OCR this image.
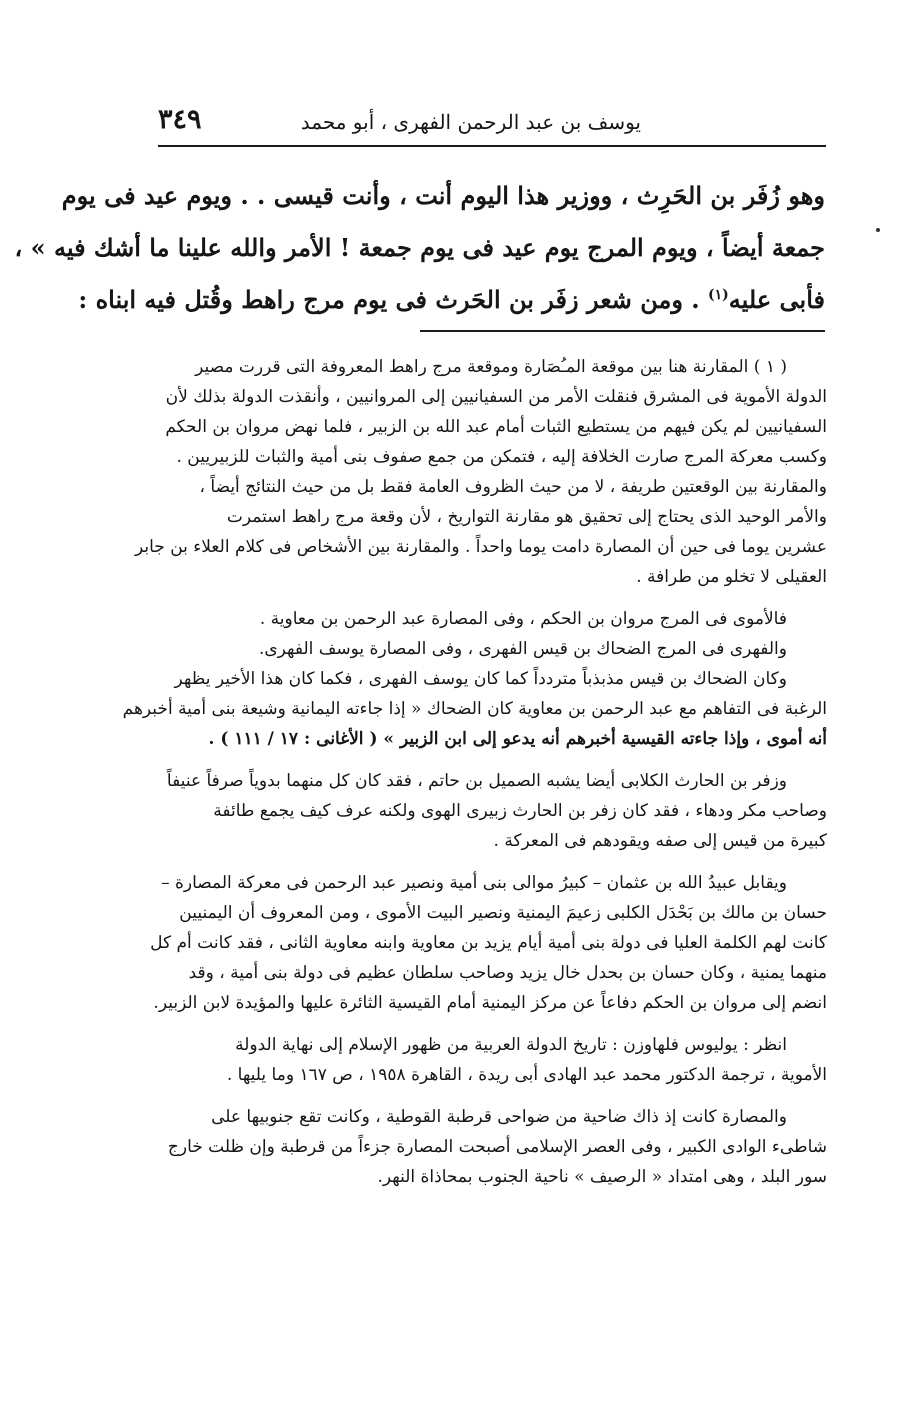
يوسف بن عبد الرحمن الفهرى ، أبو محمد
٣٤٩
وهو زُفَر بن الحَرِث ، ووزير هذا اليوم أنت ، وأنت قيسى . . ويوم عيد فى يوم
جمعة أيضاً ، ويوم المرج يوم عيد فى يوم جمعة ! الأمر والله علينا ما أشك فيه » ،
فأبى عليه$^{(١)}$ . ومن شعر زفَر بن الحَرث فى يوم مرج راهط وقُتل فيه ابناه :
( ١ ) المقارنة هنا بين موقعة المـُصَارة وموقعة مرج راهط المعروفة التى قررت مصير
الدولة الأموية فى المشرق فنقلت الأمر من السفيانيين إلى المروانيين ، وأنقذت الدولة بذلك لأن
السفيانيين لم يكن فيهم من يستطيع الثبات أمام عبد الله بن الزبير ، فلما نهض مروان بن الحكم
وكسب معركة المرج صارت الخلافة إليه ، فتمكن من جمع صفوف بنى أمية والثبات للزبيريين .
والمقارنة بين الوقعتين طريفة ، لا من حيث الظروف العامة فقط بل من حيث النتائج أيضاً ،
والأمر الوحيد الذى يحتاج إلى تحقيق هو مقارنة التواريخ ، لأن وقعة مرج راهط استمرت
عشرين يوما فى حين أن المصارة دامت يوما واحداً . والمقارنة بين الأشخاص فى كلام العلاء بن جابر
العقيلى لا تخلو من طرافة .
فالأموى فى المرج مروان بن الحكم ، وفى المصارة عبد الرحمن بن معاوية .
والفهرى فى المرج الضحاك بن قيس الفهرى ، وفى المصارة يوسف الفهرى.
وكان الضحاك بن قيس مذبذباً متردداً كما كان يوسف الفهرى ، فكما كان هذا الأخير يظهر
الرغبة فى التفاهم مع عبد الرحمن بن معاوية كان الضحاك « إذا جاءته اليمانية وشيعة بنى أمية أخبرهم
أنه أموى ، وإذا جاءته القيسية أخبرهم أنه يدعو إلى ابن الزبير » ( الأغانى : ١٧ / ١١١ ) .
وزفر بن الحارث الكلابى أيضا يشبه الصميل بن حاتم ، فقد كان كل منهما بدوياً صرفاً عنيفاً
وصاحب مكر ودهاء ، فقد كان زفر بن الحارث زبيرى الهوى ولكنه عرف كيف يجمع طائفة
كبيرة من قيس إلى صفه ويقودهم فى المعركة .
ويقابل عبيدُ الله بن عثمان – كبيرُ موالى بنى أمية ونصير عبد الرحمن فى معركة المصارة –
حسان بن مالك بن بَحْدَل الكلبى زعيمَ اليمنية ونصير البيت الأموى ، ومن المعروف أن اليمنيين
كانت لهم الكلمة العليا فى دولة بنى أمية أيام يزيد بن معاوية وابنه معاوية الثانى ، فقد كانت أم كل
منهما يمنية ، وكان حسان بن بحدل خال يزيد وصاحب سلطان عظيم فى دولة بنى أمية ، وقد
انضم إلى مروان بن الحكم دفاعاً عن مركز اليمنية أمام القيسية الثائرة عليها والمؤيدة لابن الزبير.
انظر : يوليوس فلهاوزن : تاريخ الدولة العربية من ظهور الإسلام إلى نهاية الدولة
الأموية ، ترجمة الدكتور محمد عبد الهادى أبى ريدة ، القاهرة ١٩٥٨ ، ص ١٦٧ وما يليها .
والمصارة كانت إذ ذاك ضاحية من ضواحى قرطبة القوطية ، وكانت تقع جنوبيها على
شاطىء الوادى الكبير ، وفى العصر الإسلامى أصبحت المصارة جزءاً من قرطبة وإن ظلت خارج
سور البلد ، وهى امتداد « الرصيف » ناحية الجنوب بمحاذاة النهر.
